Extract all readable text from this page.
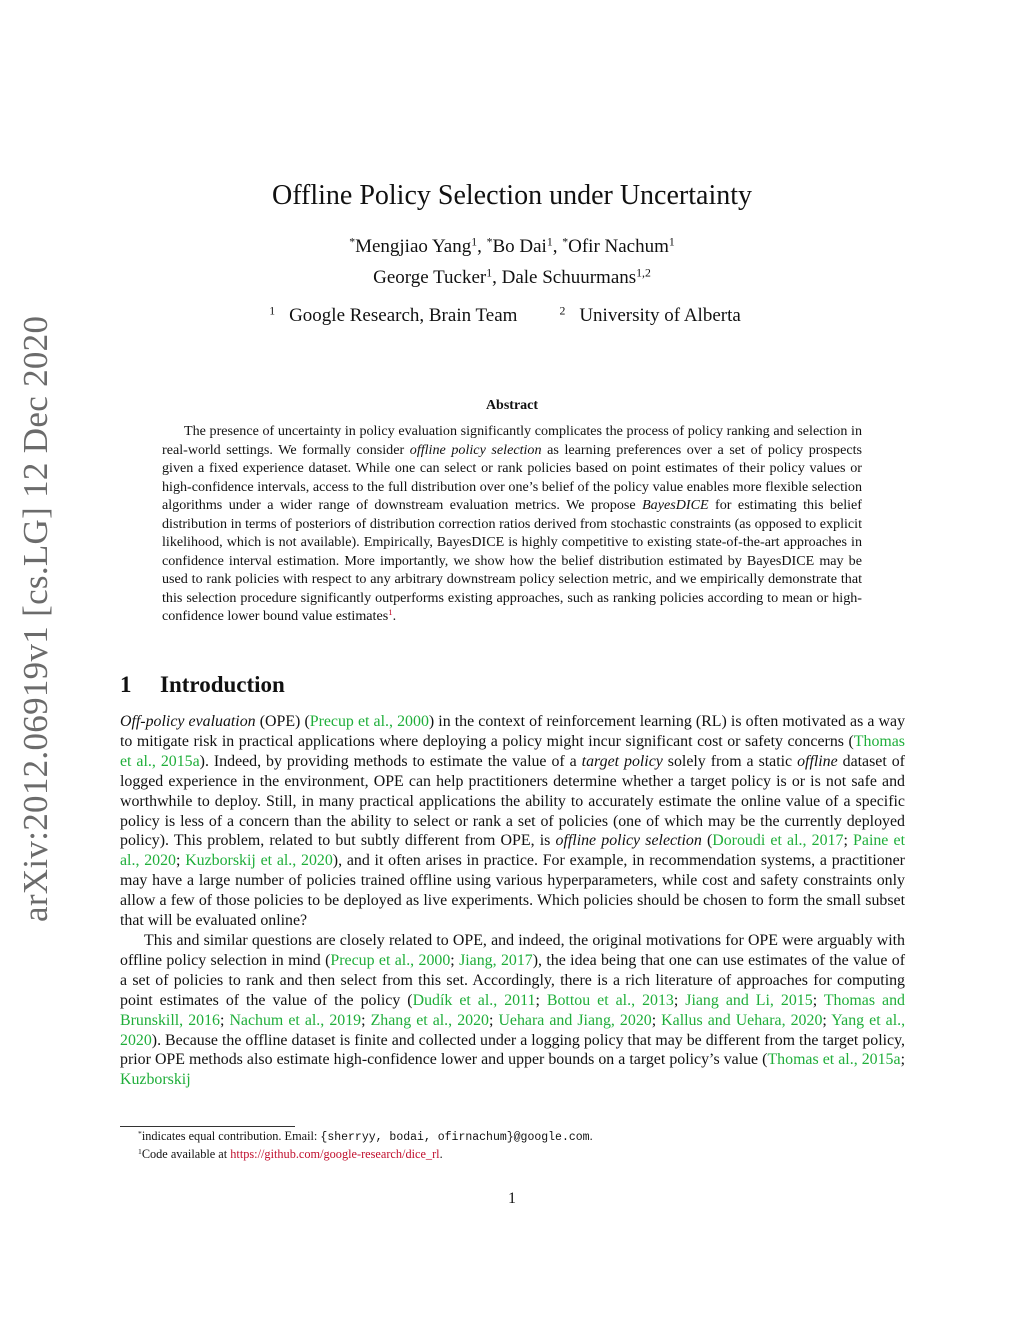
arXiv:2012.06919v1 [cs.LG] 12 Dec 2020
Offline Policy Selection under Uncertainty
*Mengjiao Yang$^1$, *Bo Dai$^1$, *Ofir Nachum$^1$
George Tucker$^1$, Dale Schuurmans$^{1,2}$
$^1$ Google Research, Brain Team	$^2$ University of Alberta
Abstract

The presence of uncertainty in policy evaluation significantly complicates the process of policy ranking and selection in real-world settings. We formally consider offline policy selection as learning preferences over a set of policy prospects given a fixed experience dataset. While one can select or rank policies based on point estimates of their policy values or high-confidence intervals, access to the full distribution over one’s belief of the policy value enables more flexible selection algorithms under a wider range of downstream evaluation metrics. We propose BayesDICE for estimating this belief distribution in terms of posteriors of distribution correction ratios derived from stochastic constraints (as opposed to explicit likelihood, which is not available). Empirically, BayesDICE is highly competitive to existing state-of-the-art approaches in confidence interval estimation. More importantly, we show how the belief distribution estimated by BayesDICE may be used to rank policies with respect to any arbitrary downstream policy selection metric, and we empirically demonstrate that this selection procedure significantly outperforms existing approaches, such as ranking policies according to mean or high-confidence lower bound value estimates$^1$.

1 Introduction

Off-policy evaluation (OPE) (Precup et al., 2000) in the context of reinforcement learning (RL) is often motivated as a way to mitigate risk in practical applications where deploying a policy might incur significant cost or safety concerns (Thomas et al., 2015a). Indeed, by providing methods to estimate the value of a target policy solely from a static offline dataset of logged experience in the environment, OPE can help practitioners determine whether a target policy is or is not safe and worthwhile to deploy. Still, in many practical applications the ability to accurately estimate the online value of a specific policy is less of a concern than the ability to select or rank a set of policies (one of which may be the currently deployed policy). This problem, related to but subtly different from OPE, is offline policy selection (Doroudi et al., 2017; Paine et al., 2020; Kuzborskij et al., 2020), and it often arises in practice. For example, in recommendation systems, a practitioner may have a large number of policies trained offline using various hyperparameters, while cost and safety constraints only allow a few of those policies to be deployed as live experiments. Which policies should be chosen to form the small subset that will be evaluated online?

This and similar questions are closely related to OPE, and indeed, the original motivations for OPE were arguably with offline policy selection in mind (Precup et al., 2000; Jiang, 2017), the idea being that one can use estimates of the value of a set of policies to rank and then select from this set. Accordingly, there is a rich literature of approaches for computing point estimates of the value of the policy (Dudík et al., 2011; Bottou et al., 2013; Jiang and Li, 2015; Thomas and Brunskill, 2016; Nachum et al., 2019; Zhang et al., 2020; Uehara and Jiang, 2020; Kallus and Uehara, 2020; Yang et al., 2020). Because the offline dataset is finite and collected under a logging policy that may be different from the target policy, prior OPE methods also estimate high-confidence lower and upper bounds on a target policy’s value (Thomas et al., 2015a; Kuzborskij

*indicates equal contribution. Email: {sherryy, bodai, ofirnachum}@google.com.
$^1$Code available at https://github.com/google-research/dice_rl.
1
